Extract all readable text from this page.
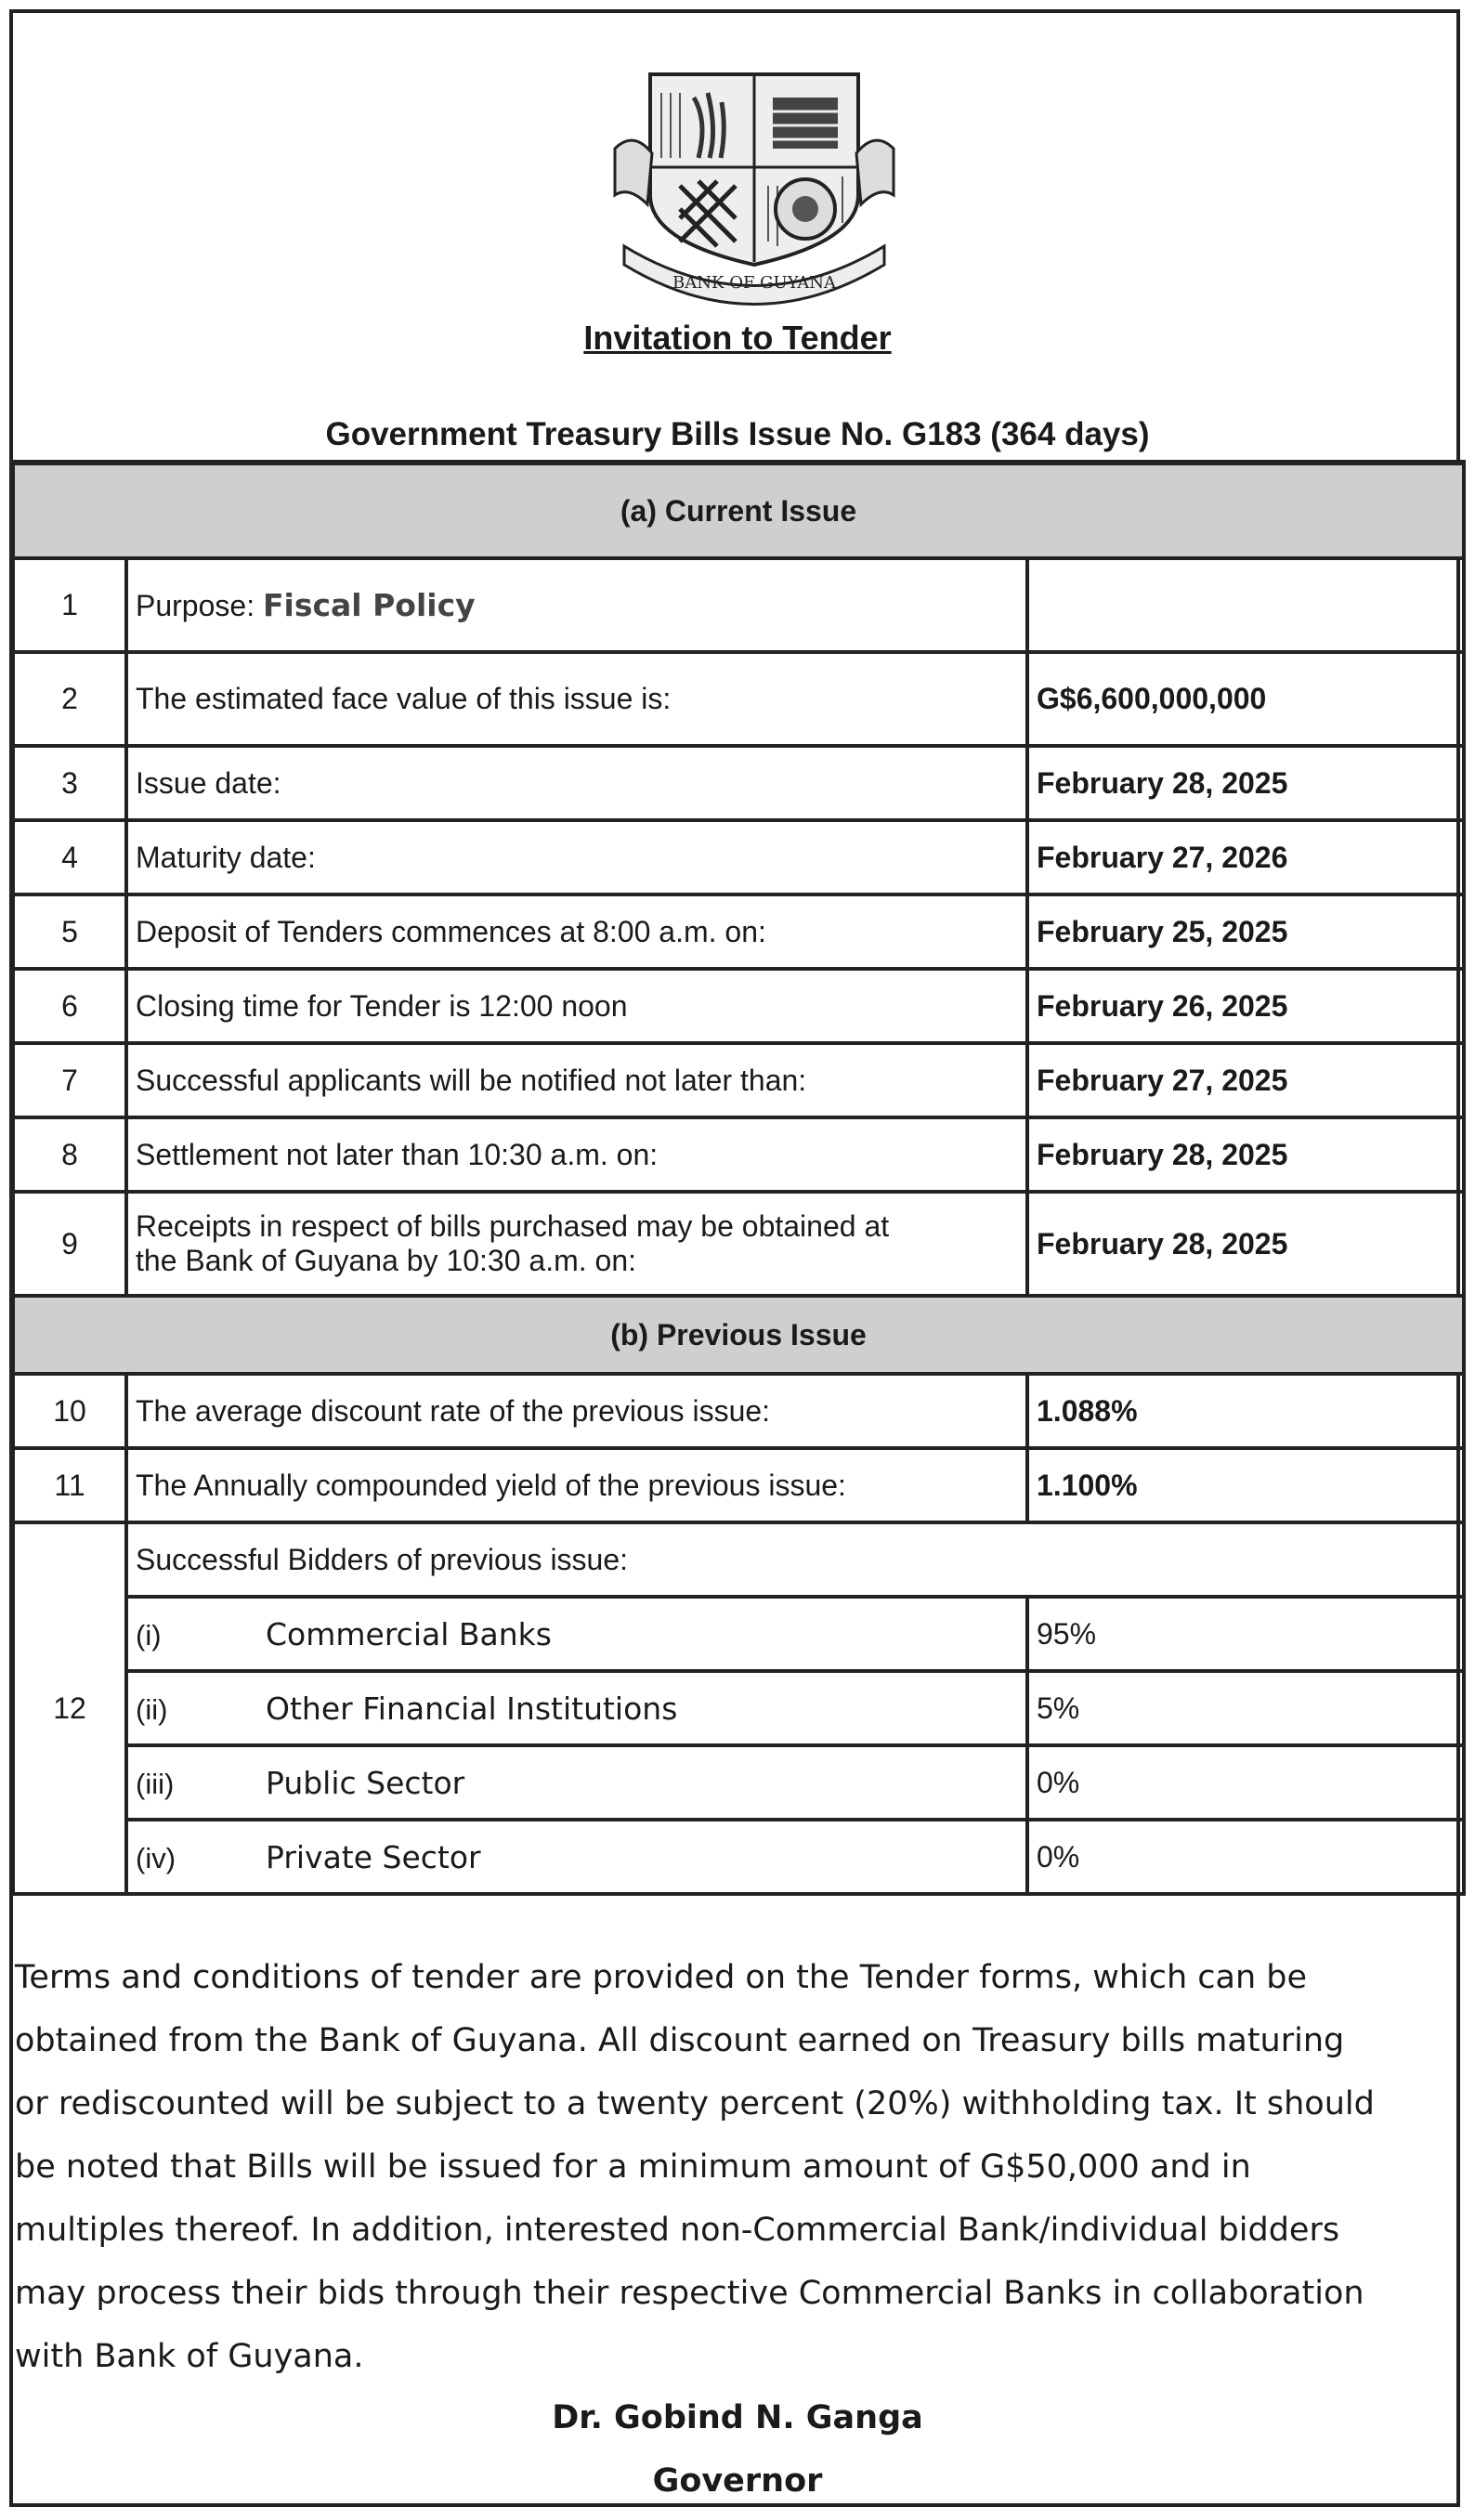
BANK OF GUYANA
Invitation to Tender
Government Treasury Bills Issue No. G183 (364 days)
(a) Current Issue		
1	Purpose: Fiscal Policy	
2	The estimated face value of this issue is:	G$6,600,000,000
3	Issue date:	February 28, 2025
4	Maturity date:	February 27, 2026
5	Deposit of Tenders commences at 8:00 a.m. on:	February 25, 2025
6	Closing time for Tender is 12:00 noon	February 26, 2025
7	Successful applicants will be notified not later than:	February 27, 2025
8	Settlement not later than 10:30 a.m. on:	February 28, 2025
9	Receipts in respect of bills purchased may be obtained at
the Bank of Guyana by 10:30 a.m. on:	February 28, 2025
(b) Previous Issue		
10	The average discount rate of the previous issue:	1.088%
11	The Annually compounded yield of the previous issue:	1.100%
12	Successful Bidders of previous issue:	
	(i) Commercial Banks	95%
	(ii) Other Financial Institutions	5%
	(iii) Public Sector	0%
	(iv) Private Sector	0%
Terms and conditions of tender are provided on the Tender forms, which can be
obtained from the Bank of Guyana. All discount earned on Treasury bills maturing
or rediscounted will be subject to a twenty percent (20%) withholding tax. It should
be noted that Bills will be issued for a minimum amount of G$50,000 and in
multiples thereof. In addition, interested non-Commercial Bank/individual bidders
may process their bids through their respective Commercial Banks in collaboration
with Bank of Guyana.
Dr. Gobind N. Ganga
Governor
